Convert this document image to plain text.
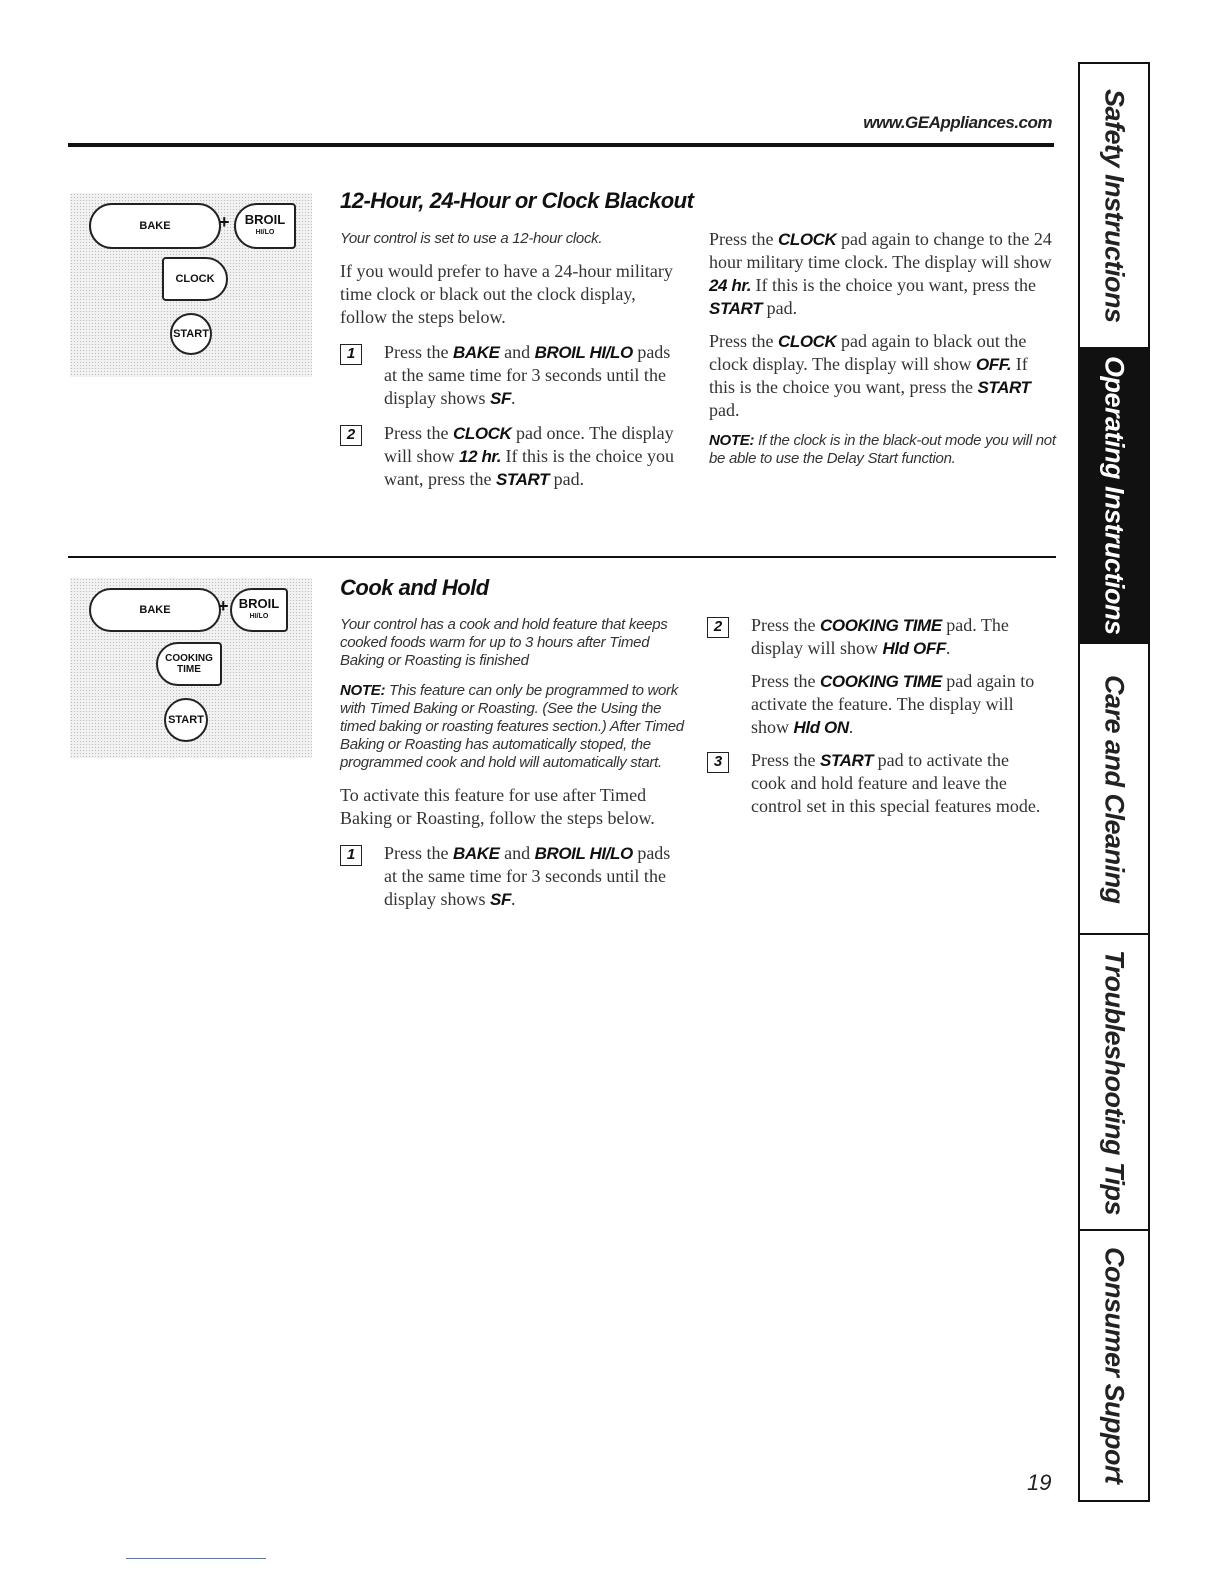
www.GEAppliances.com
BAKE	+ BROIL
HI/LO
CLOCK
START
12-Hour, 24-Hour or Clock Blackout
Your control is set to use a 12-hour clock.

If you would prefer to have a 24-hour military time clock or black out the clock display, follow the steps below.

1	Press the BAKE and BROIL HI/LO pads at the same time for 3 seconds until the display shows SF.
2	Press the CLOCK pad once. The display will show 12 hr. If this is the choice you want, press the START pad.

Press the CLOCK pad again to change to the 24 hour military time clock. The display will show 24 hr. If this is the choice you want, press the START pad.

Press the CLOCK pad again to black out the clock display. The display will show OFF. If this is the choice you want, press the START pad.

NOTE: If the clock is in the black-out mode you will not be able to use the Delay Start function.
BAKE	+ BROIL
HI/LO
COOKING
TIME
START
Cook and Hold
Your control has a cook and hold feature that keeps cooked foods warm for up to 3 hours after Timed Baking or Roasting is finished
NOTE: This feature can only be programmed to work with Timed Baking or Roasting. (See the Using the timed baking or roasting features section.) After Timed Baking or Roasting has automatically stoped, the programmed cook and hold will automatically start.

To activate this feature for use after Timed Baking or Roasting, follow the steps below.

1	Press the BAKE and BROIL HI/LO pads at the same time for 3 seconds until the display shows SF.
2	Press the COOKING TIME pad. The display will show Hld OFF.
Press the COOKING TIME pad again to activate the feature. The display will show Hld ON.
3	Press the START pad to activate the cook and hold feature and leave the control set in this special features mode.
Safety Instructions
Operating Instructions
Care and Cleaning
Troubleshooting Tips
Consumer Support
19
